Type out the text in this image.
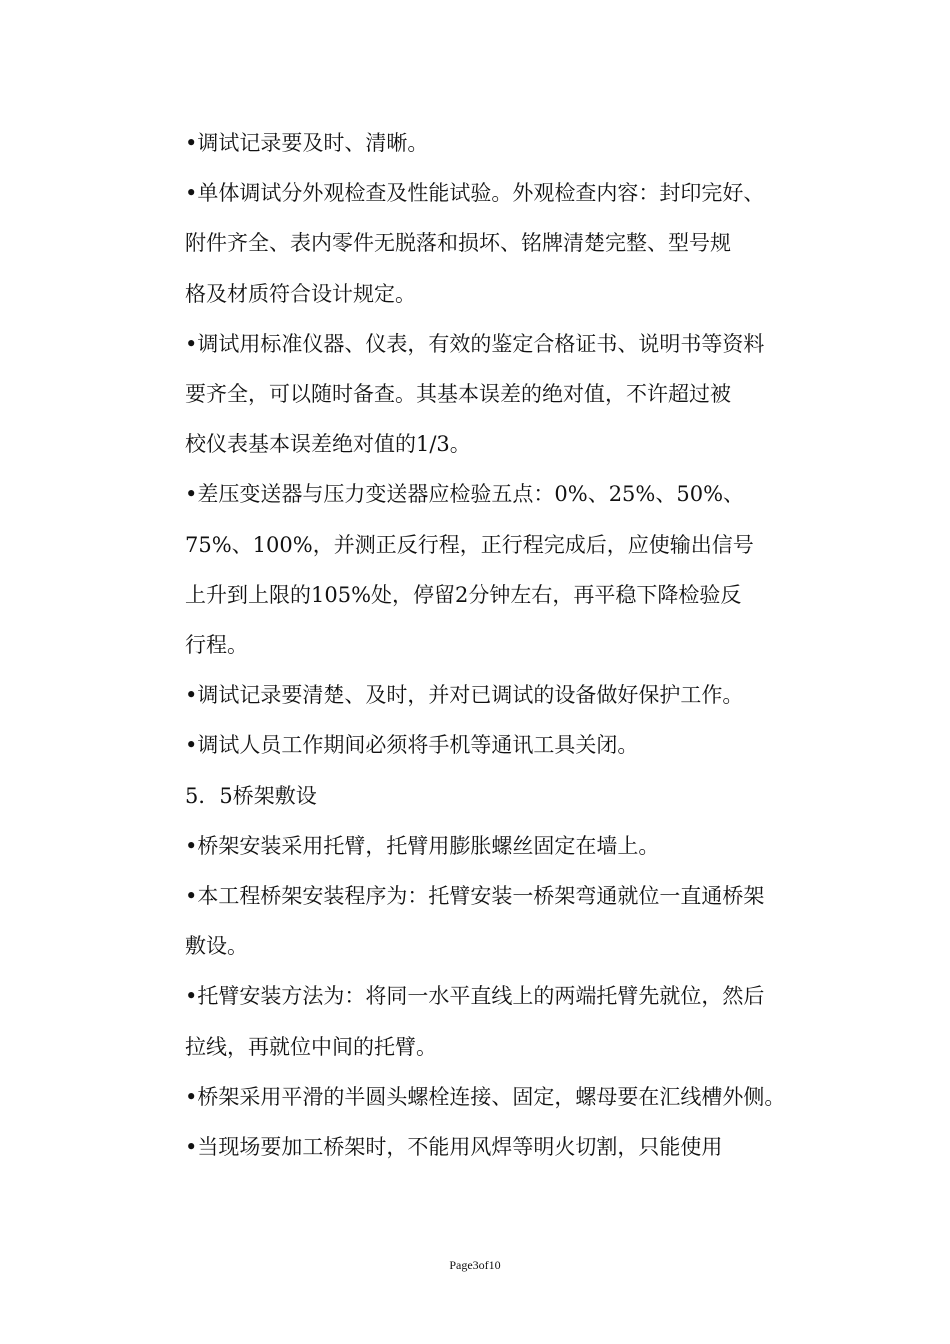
•调试记录要及时、清晰。

•单体调试分外观检查及性能试验。外观检查内容：封印完好、
附件齐全、表内零件无脱落和损坏、铭牌清楚完整、型号规
格及材质符合设计规定。

•调试用标准仪器、仪表，有效的鉴定合格证书、说明书等资料
要齐全，可以随时备查。其基本误差的绝对值，不许超过被
校仪表基本误差绝对值的1/3。

•差压变送器与压力变送器应检验五点：0%、25%、50%、
75%、100%，并测正反行程，正行程完成后，应使输出信号
上升到上限的105%处，停留2分钟左右，再平稳下降检验反
行程。

•调试记录要清楚、及时，并对已调试的设备做好保护工作。

•调试人员工作期间必须将手机等通讯工具关闭。

5．5桥架敷设

•桥架安装采用托臂，托臂用膨胀螺丝固定在墙上。

•本工程桥架安装程序为：托臂安装一桥架弯通就位一直通桥架
敷设。

•托臂安装方法为：将同一水平直线上的两端托臂先就位，然后
拉线，再就位中间的托臂。

•桥架采用平滑的半圆头螺栓连接、固定，螺母要在汇线槽外侧。

•当现场要加工桥架时，不能用风焊等明火切割，只能使用

Page3of10
